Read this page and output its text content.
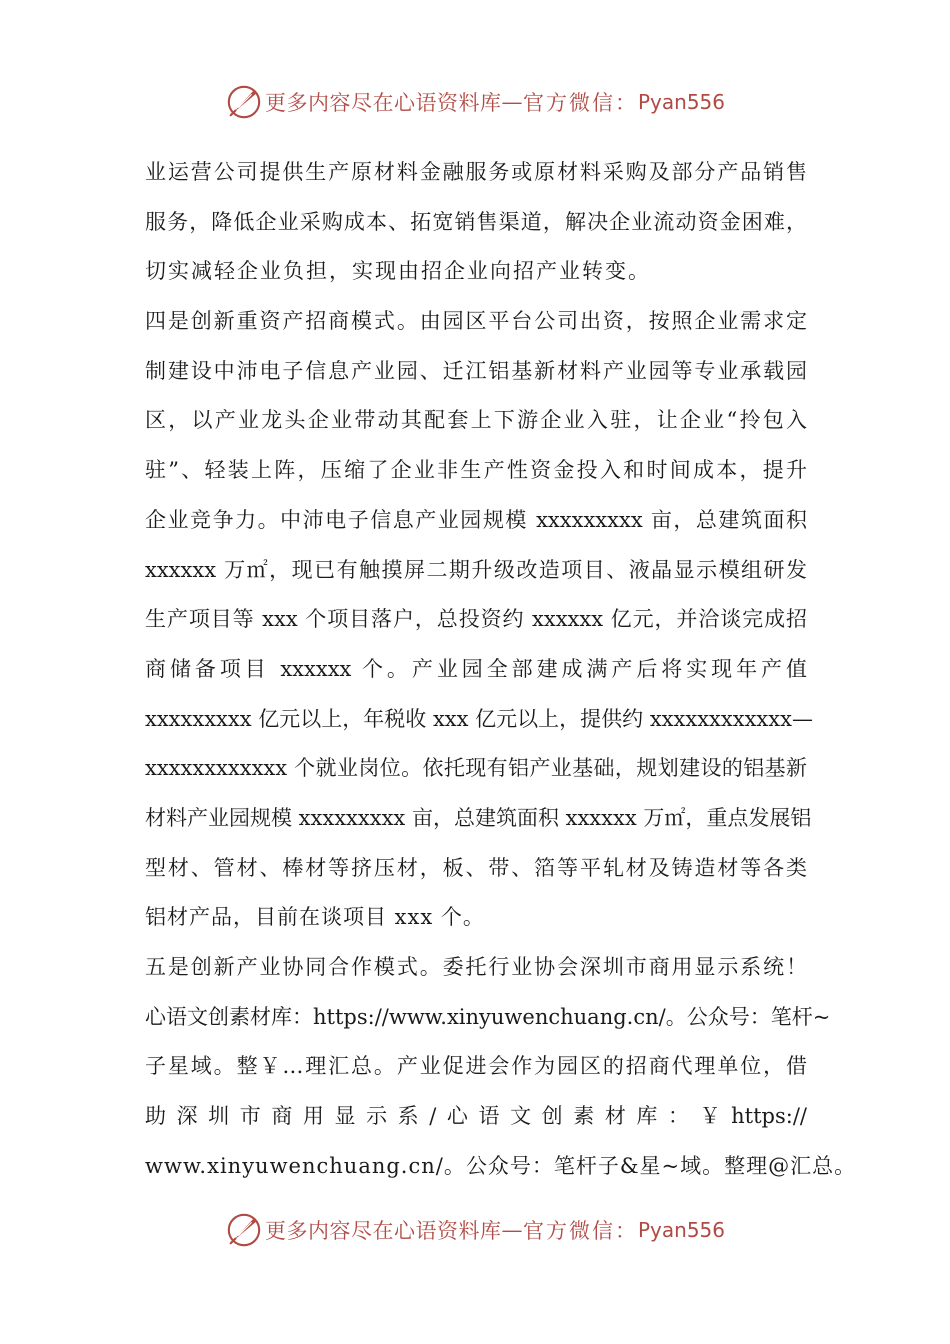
更多内容尽在心语资料库 — 官方微信： Pyan556
业运营公司提供生产原材料金融服务或原材料采购及部分产品销售
服务，降低企业采购成本、拓宽销售渠道，解决企业流动资金困难，
切实减轻企业负担，实现由招企业向招产业转变。
四是创新重资产招商模式。由园区平台公司出资，按照企业需求定
制建设中沛电子信息产业园、迁江铝基新材料产业园等专业承载园
区，以产业龙头企业带动其配套上下游企业入驻，让企业“拎包入
驻”、轻装上阵，压缩了企业非生产性资金投入和时间成本，提升
企业竞争力。中沛电子信息产业园规模 xxxxxxxxx 亩，总建筑面积
xxxxxx 万㎡，现已有触摸屏二期升级改造项目、液晶显示模组研发
生产项目等 xxx 个项目落户，总投资约 xxxxxx 亿元，并洽谈完成招
商储备项目 xxxxxx 个。产业园全部建成满产后将实现年产值
xxxxxxxxx 亿元以上，年税收 xxx 亿元以上，提供约 xxxxxxxxxxxx—
xxxxxxxxxxxx 个就业岗位。依托现有铝产业基础，规划建设的铝基新
材料产业园规模 xxxxxxxxx 亩，总建筑面积 xxxxxx 万㎡，重点发展铝
型材、管材、棒材等挤压材，板、带、箔等平轧材及铸造材等各类
铝材产品，目前在谈项目 xxx 个。
五是创新产业协同合作模式。委托行业协会深圳市商用显示系统！
心语文创素材库：https://www.xinyuwenchuang.cn/。公众号：笔杆~
子星域。整￥…理汇总。产业促进会作为园区的招商代理单位，借
助深圳市商用显示系/心语文创素材库：￥https://
www.xinyuwenchuang.cn/。公众号：笔杆子&星~域。整理@汇总。
更多内容尽在心语资料库 — 官方微信： Pyan556
